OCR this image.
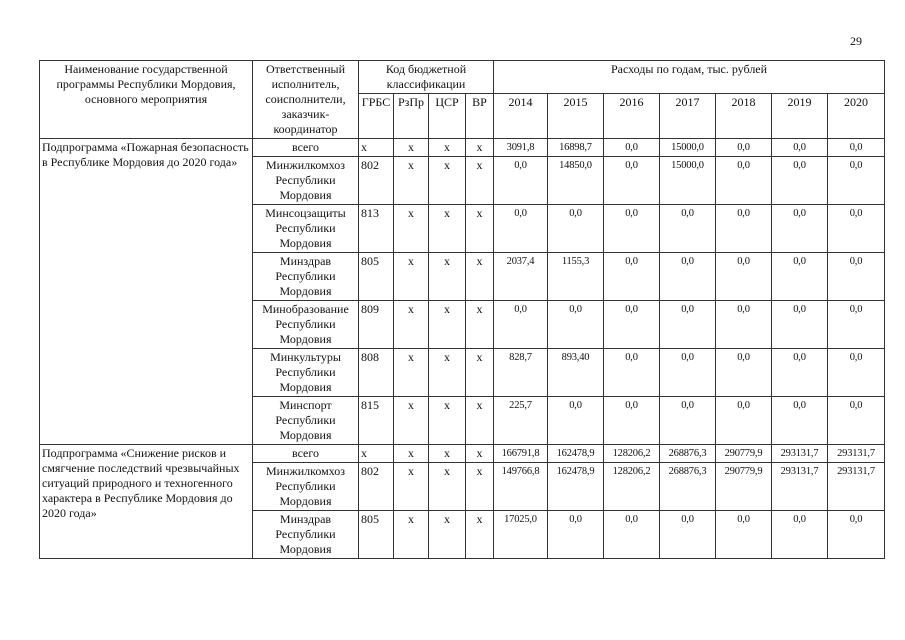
29
Наименование государственной программы Республики Мордовия, основного мероприятия	Ответственный исполнитель, соисполнители, заказчик-координатор	Код бюджетной классификации				Расходы по годам, тыс. рублей						
		ГРБС	РзПр	ЦСР	ВР	2014	2015	2016	2017	2018	2019	2020
Подпрограмма «Пожарная безопасность в Республике Мордовия до 2020 года»	всего	х	х	х	х	3091,8	16898,7	0,0	15000,0	0,0	0,0	0,0
	Минжилкомхоз Республики Мордовия	802	х	х	х	0,0	14850,0	0,0	15000,0	0,0	0,0	0,0
	Минсоцзащиты Республики Мордовия	813	х	х	х	0,0	0,0	0,0	0,0	0,0	0,0	0,0
	Минздрав Республики Мордовия	805	х	х	х	2037,4	1155,3	0,0	0,0	0,0	0,0	0,0
	Минобразование Республики Мордовия	809	х	х	х	0,0	0,0	0,0	0,0	0,0	0,0	0,0
	Минкультуры Республики Мордовия	808	х	х	х	828,7	893,40	0,0	0,0	0,0	0,0	0,0
	Минспорт Республики Мордовия	815	х	х	х	225,7	0,0	0,0	0,0	0,0	0,0	0,0
Подпрограмма «Снижение рисков и смягчение последствий чрезвычайных ситуаций природного и техногенного характера в Республике Мордовия до 2020 года»	всего	х	х	х	х	166791,8	162478,9	128206,2	268876,3	290779,9	293131,7	293131,7
	Минжилкомхоз Республики Мордовия	802	х	х	х	149766,8	162478,9	128206,2	268876,3	290779,9	293131,7	293131,7
	Минздрав Республики Мордовия	805	х	х	х	17025,0	0,0	0,0	0,0	0,0	0,0	0,0
